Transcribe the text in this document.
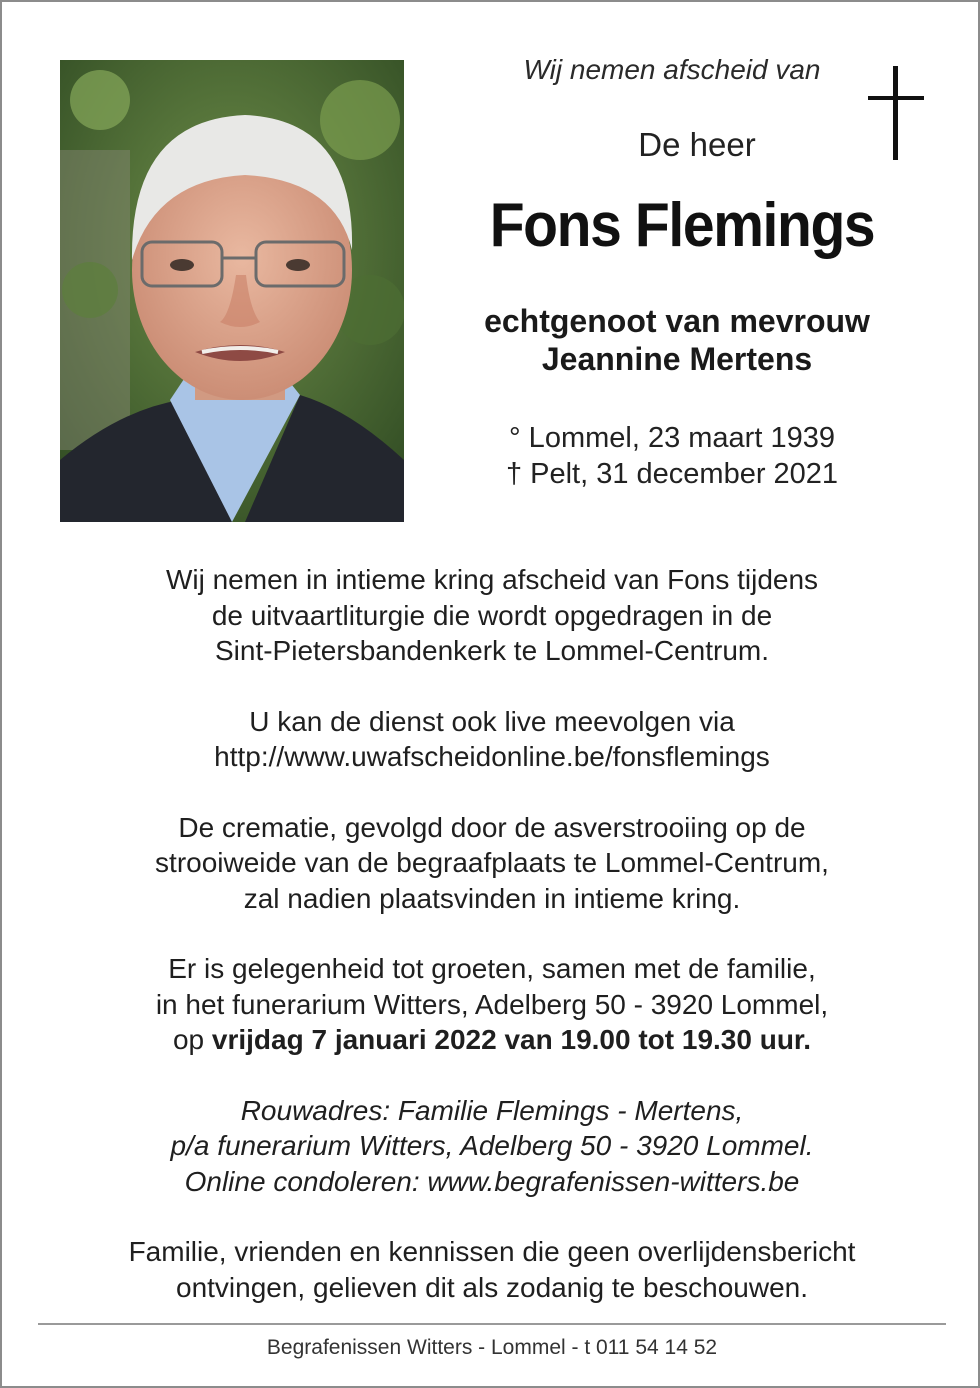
Wij nemen afscheid van
De heer
Fons Flemings
echtgenoot van mevrouw
Jeannine Mertens
° Lommel, 23 maart 1939
† Pelt, 31 december 2021

Wij nemen in intieme kring afscheid van Fons tijdens
de uitvaartliturgie die wordt opgedragen in de
Sint-Pietersbandenkerk te Lommel-Centrum.

U kan de dienst ook live meevolgen via
http://www.uwafscheidonline.be/fonsflemings

De crematie, gevolgd door de asverstrooiing op de
strooiweide van de begraafplaats te Lommel-Centrum,
zal nadien plaatsvinden in intieme kring.

Er is gelegenheid tot groeten, samen met de familie,
in het funerarium Witters, Adelberg 50 - 3920 Lommel,
op vrijdag 7 januari 2022 van 19.00 tot 19.30 uur.

Rouwadres: Familie Flemings - Mertens,
p/a funerarium Witters, Adelberg 50 - 3920 Lommel.
Online condoleren: www.begrafenissen-witters.be

Familie, vrienden en kennissen die geen overlijdensbericht
ontvingen, gelieven dit als zodanig te beschouwen.

Begrafenissen Witters - Lommel - t 011 54 14 52
